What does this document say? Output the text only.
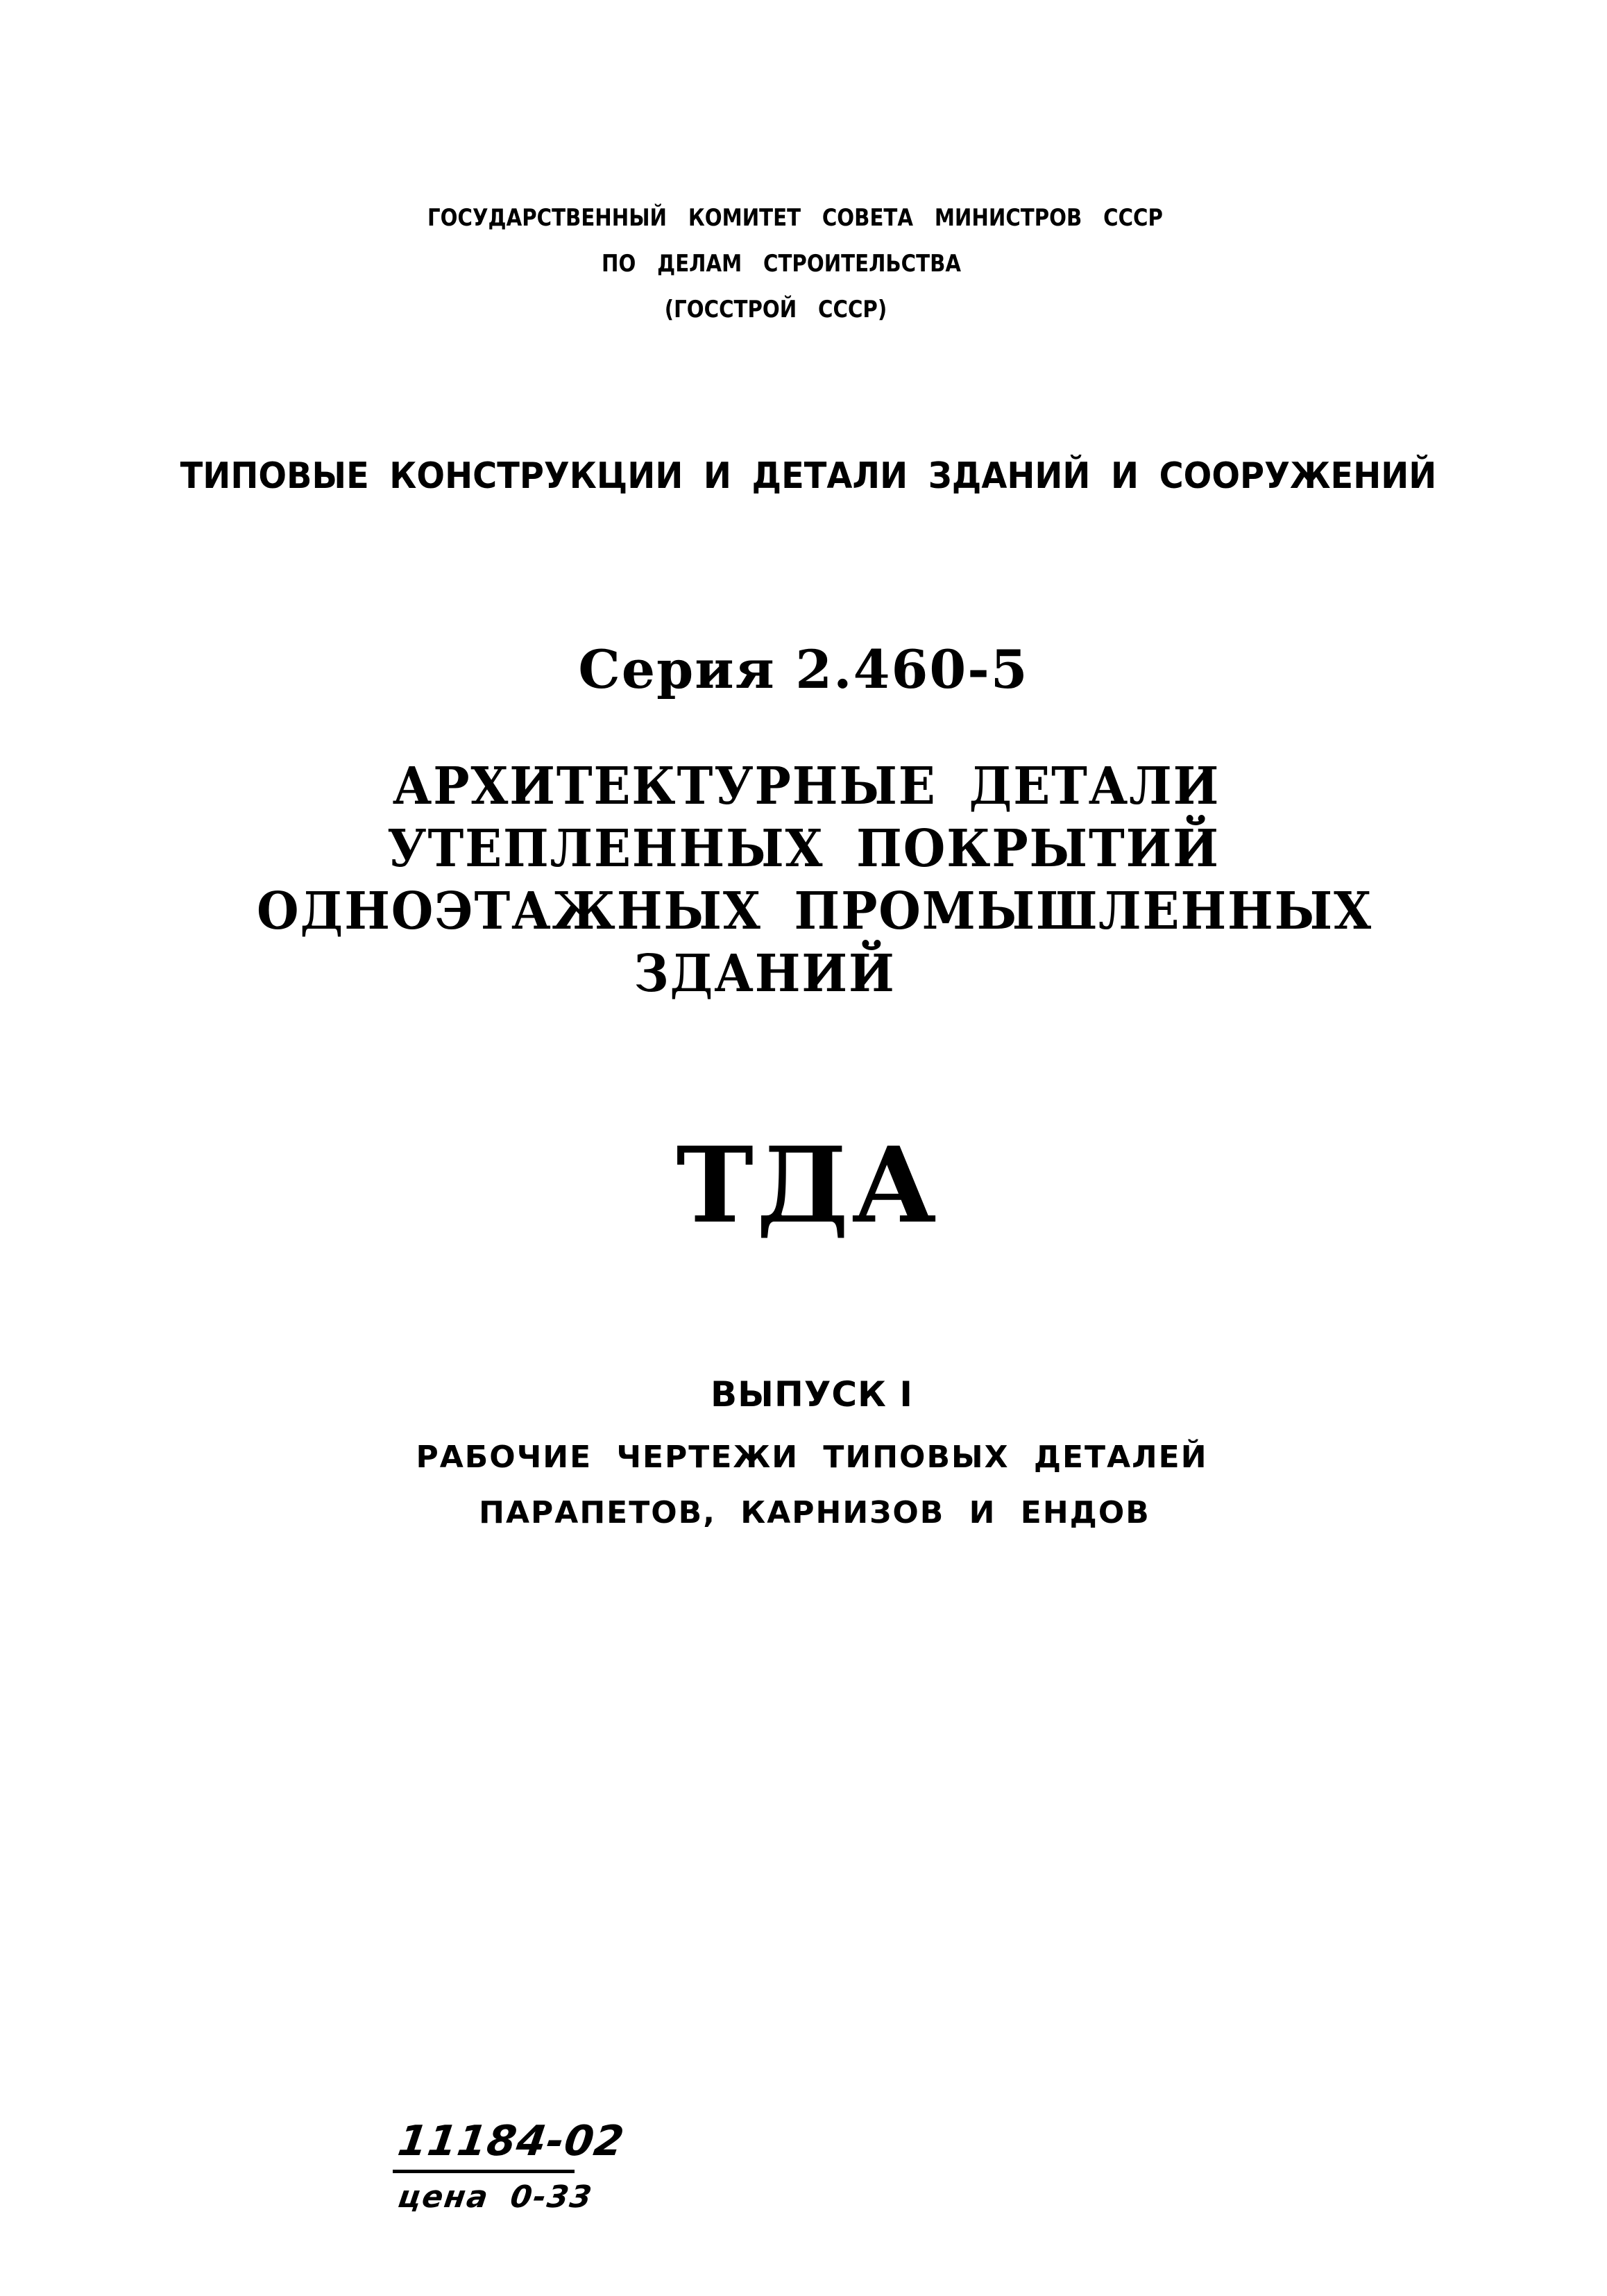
ГОСУДАРСТВЕННЫЙ КОМИТЕТ СОВЕТА МИНИСТРОВ СССР
ПО ДЕЛАМ СТРОИТЕЛЬСТВА
(ГОССТРОЙ СССР)
ТИПОВЫЕ КОНСТРУКЦИИ И ДЕТАЛИ ЗДАНИЙ И СООРУЖЕНИЙ
Серия 2.460-5
АРХИТЕКТУРНЫЕ ДЕТАЛИ
УТЕПЛЕННЫХ ПОКРЫТИЙ
ОДНОЭТАЖНЫХ ПРОМЫШЛЕННЫХ
ЗДАНИЙ
ТДА
ВЫПУСК I
РАБОЧИЕ ЧЕРТЕЖИ ТИПОВЫХ ДЕТАЛЕЙ
ПАРАПЕТОВ, КАРНИЗОВ И ЕНДОВ
11184-02
цена 0-33
